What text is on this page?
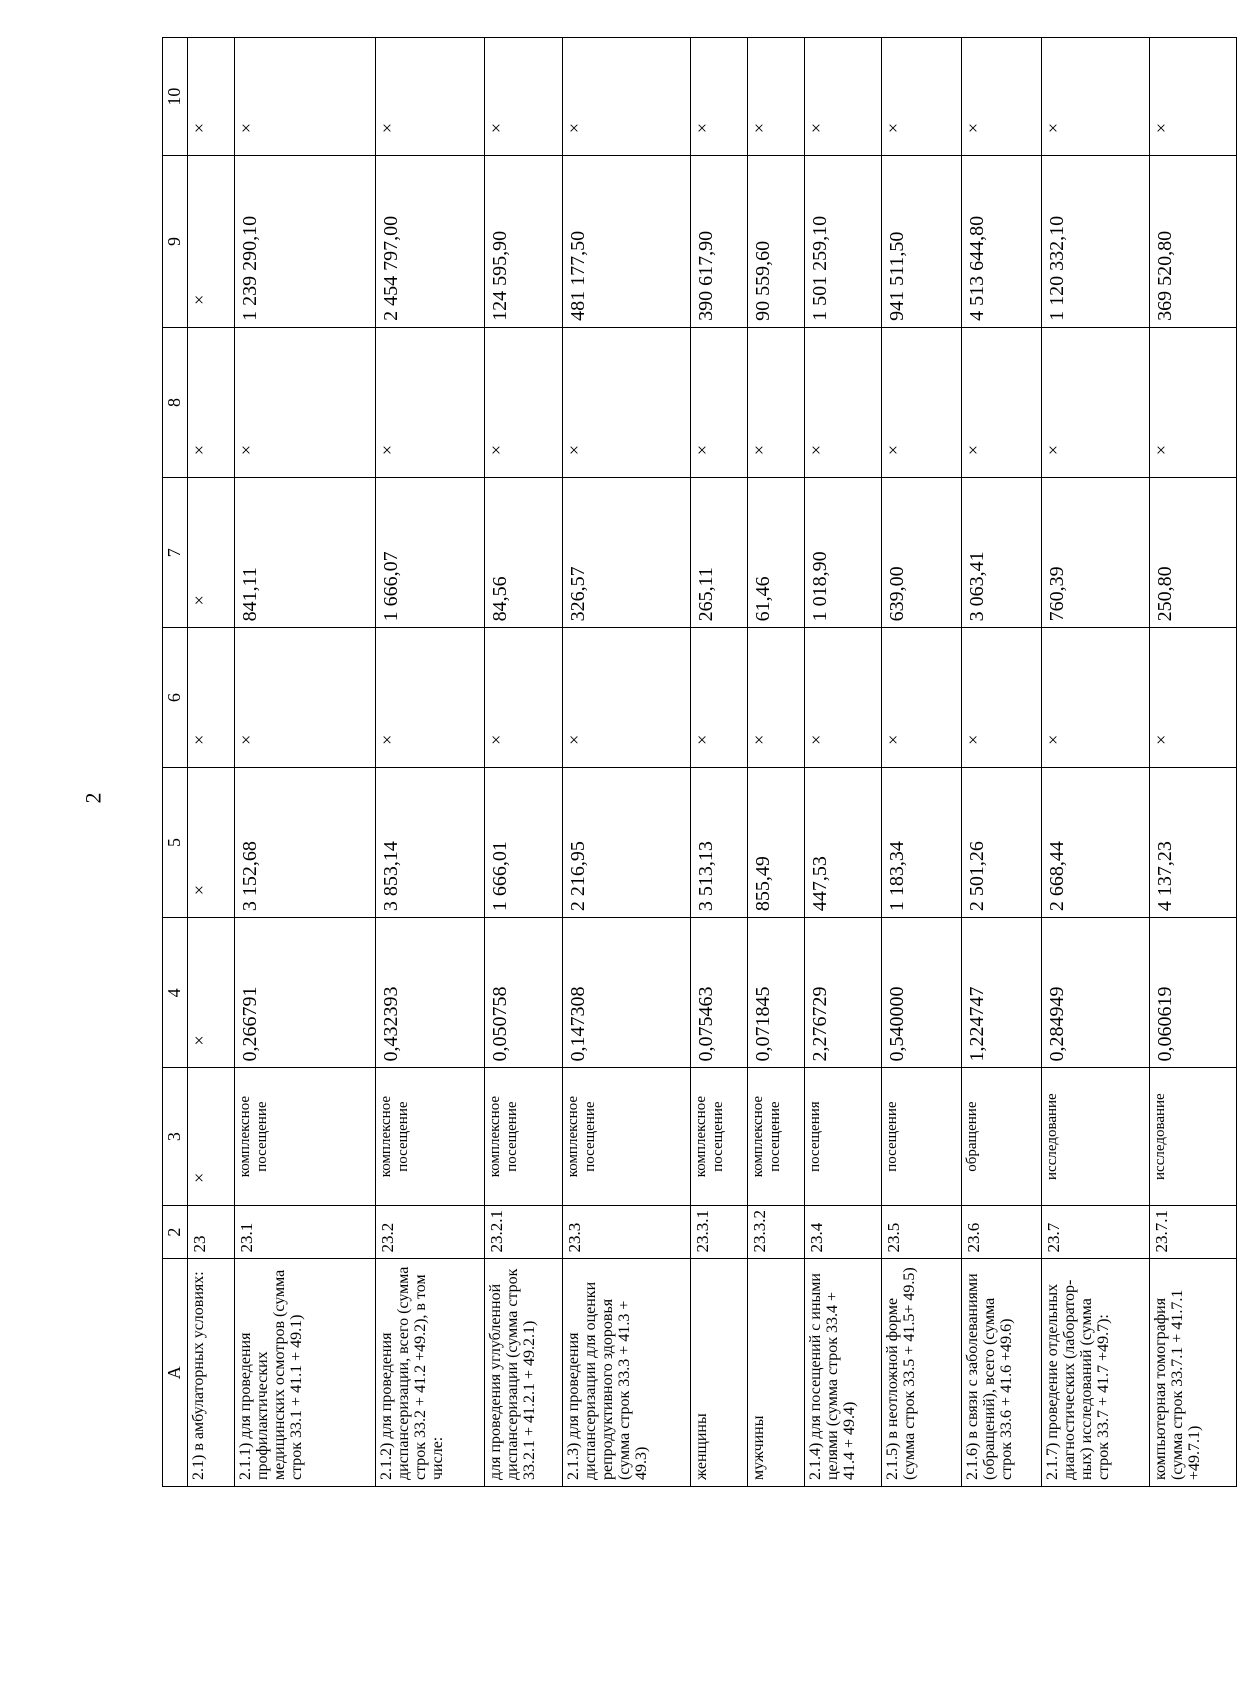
2
A	2	3	4	5	6	7	8	9	10
2.1) в амбулаторных условиях:	23	×	×	×	×	×	×	×	×
2.1.1) для проведения профилактических медицинских осмотров (сумма строк 33.1 + 41.1 + 49.1)	23.1	комплексное посещение	0,266791	3 152,68	×	841,11	×	1 239 290,10	×
2.1.2) для проведения диспансеризации, всего (сумма строк 33.2 + 41.2 +49.2), в том числе:	23.2	комплексное посещение	0,432393	3 853,14	×	1 666,07	×	2 454 797,00	×
для проведения углубленной диспансеризации (сумма строк 33.2.1 + 41.2.1 + 49.2.1)	23.2.1	комплексное посещение	0,050758	1 666,01	×	84,56	×	124 595,90	×
2.1.3) для проведения диспансеризации для оценки репродуктивного здоровья (сумма строк 33.3 + 41.3 + 49.3)	23.3	комплексное посещение	0,147308	2 216,95	×	326,57	×	481 177,50	×
женщины	23.3.1	комплексное посещение	0,075463	3 513,13	×	265,11	×	390 617,90	×
мужчины	23.3.2	комплексное посещение	0,071845	855,49	×	61,46	×	90 559,60	×
2.1.4) для посещений с иными целями (сумма строк 33.4 + 41.4 + 49.4)	23.4	посещения	2,276729	447,53	×	1 018,90	×	1 501 259,10	×
2.1.5) в неотложной форме (сумма строк 33.5 + 41.5+ 49.5)	23.5	посещение	0,540000	1 183,34	×	639,00	×	941 511,50	×
2.1.6) в связи с заболеваниями (обращений), всего (сумма строк 33.6 + 41.6 +49.6)	23.6	обращение	1,224747	2 501,26	×	3 063,41	×	4 513 644,80	×
2.1.7) проведение отдельных диагностических (лаборатор-ных) исследований (сумма строк 33.7 + 41.7 +49.7):	23.7	исследование	0,284949	2 668,44	×	760,39	×	1 120 332,10	×
компьютерная томография (сумма строк 33.7.1 + 41.7.1 +49.7.1)	23.7.1	исследование	0,060619	4 137,23	×	250,80	×	369 520,80	×
